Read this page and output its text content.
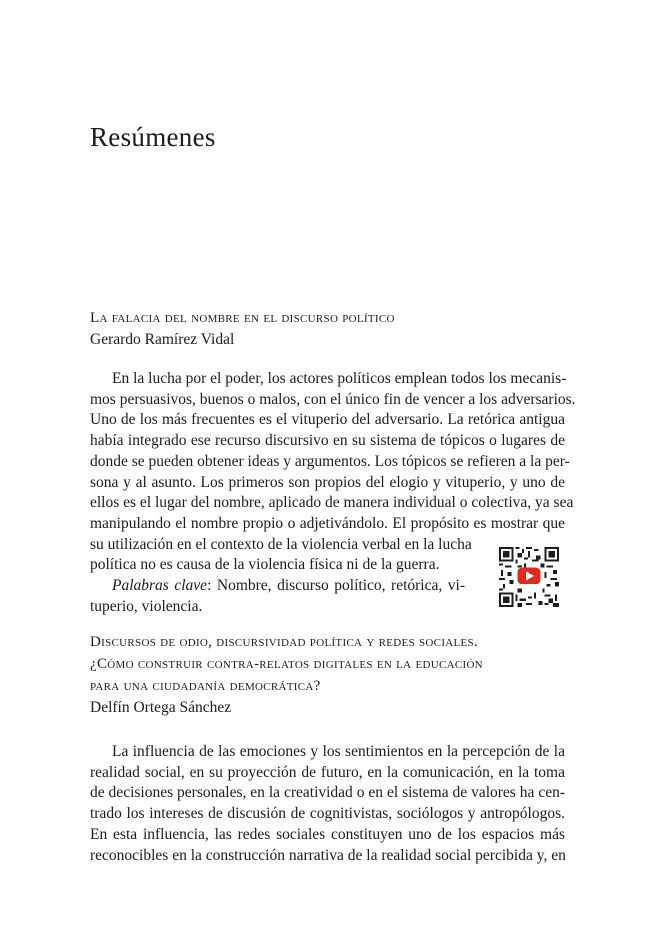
Resúmenes
La falacia del nombre en el discurso político
Gerardo Ramírez Vidal
En la lucha por el poder, los actores políticos emplean todos los mecanis-
mos persuasivos, buenos o malos, con el único fin de vencer a los adversarios.
Uno de los más frecuentes es el vituperio del adversario. La retórica antigua
había integrado ese recurso discursivo en su sistema de tópicos o lugares de
donde se pueden obtener ideas y argumentos. Los tópicos se refieren a la per-
sona y al asunto. Los primeros son propios del elogio y vituperio, y uno de
ellos es el lugar del nombre, aplicado de manera individual o colectiva, ya sea
manipulando el nombre propio o adjetivándolo. El propósito es mostrar que
su utilización en el contexto de la violencia verbal en la lucha
política no es causa de la violencia física ni de la guerra.
Palabras clave: Nombre, discurso político, retórica, vi-
tuperio, violencia.
Discursos de odio, discursividad política y redes sociales.
¿Cómo construir contra-relatos digitales en la educación
para una ciudadanía democrática?
Delfín Ortega Sánchez
La influencia de las emociones y los sentimientos en la percepción de la
realidad social, en su proyección de futuro, en la comunicación, en la toma
de decisiones personales, en la creatividad o en el sistema de valores ha cen-
trado los intereses de discusión de cognitivistas, sociólogos y antropólogos.
En esta influencia, las redes sociales constituyen uno de los espacios más
reconocibles en la construcción narrativa de la realidad social percibida y, en
